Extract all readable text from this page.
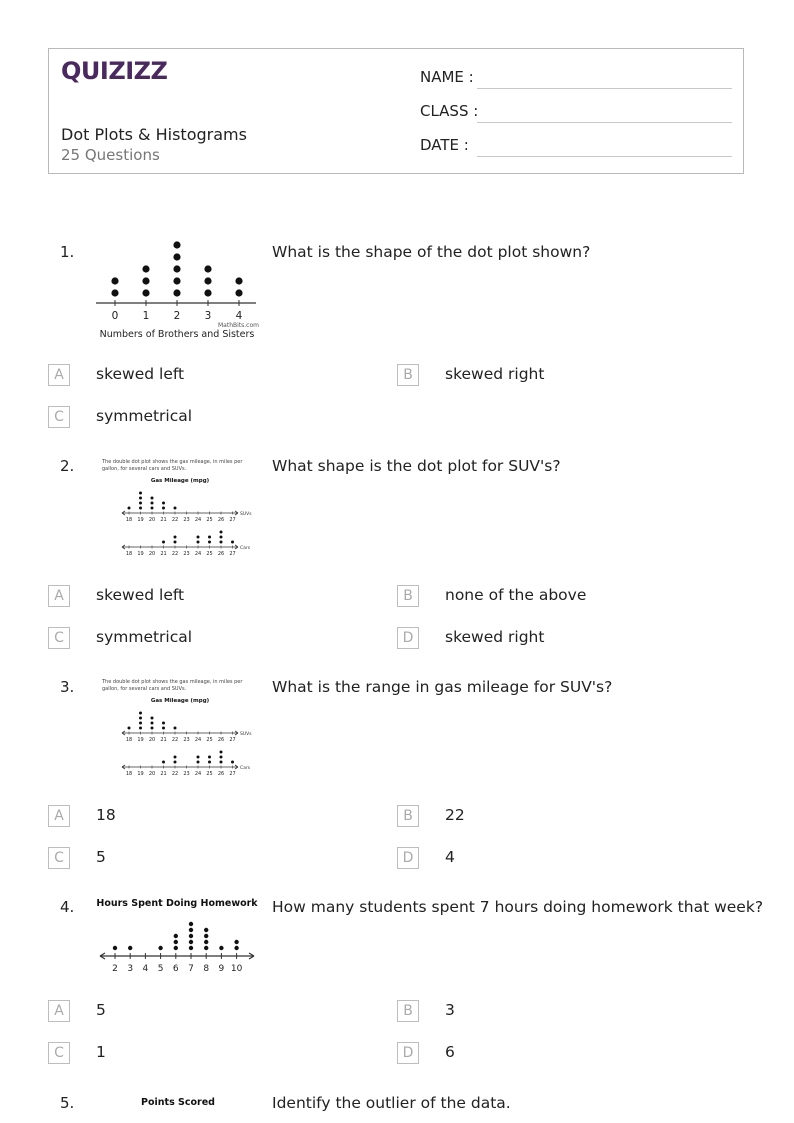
QUIZIZZ
Dot Plots & Histograms
25 Questions
NAME :
CLASS :
DATE :
1.	What is the shape of the dot plot shown?
0 1 2 3 4
MathBits.com
Numbers of Brothers and Sisters
A	skewed left	B	skewed right
C	symmetrical
2.	What shape is the dot plot for SUV's?
The double dot plot shows the gas mileage, in miles per
gallon, for several cars and SUVs.
Gas Mileage (mpg)
SUVs
18 19 20 21 22 23 24 25 26 27
Cars
18 19 20 21 22 23 24 25 26 27
A	skewed left	B	none of the above
C	symmetrical	D	skewed right
3.	What is the range in gas mileage for SUV's?
The double dot plot shows the gas mileage, in miles per
gallon, for several cars and SUVs.
Gas Mileage (mpg)
SUVs
18 19 20 21 22 23 24 25 26 27
Cars
18 19 20 21 22 23 24 25 26 27
A	18	B	22
C	5	D	4
4.	How many students spent 7 hours doing homework that week?
Hours Spent Doing Homework
2 3 4 5 6 7 8 9 10
A	5	B	3
C	1	D	6
5.	Identify the outlier of the data.
Points Scored
